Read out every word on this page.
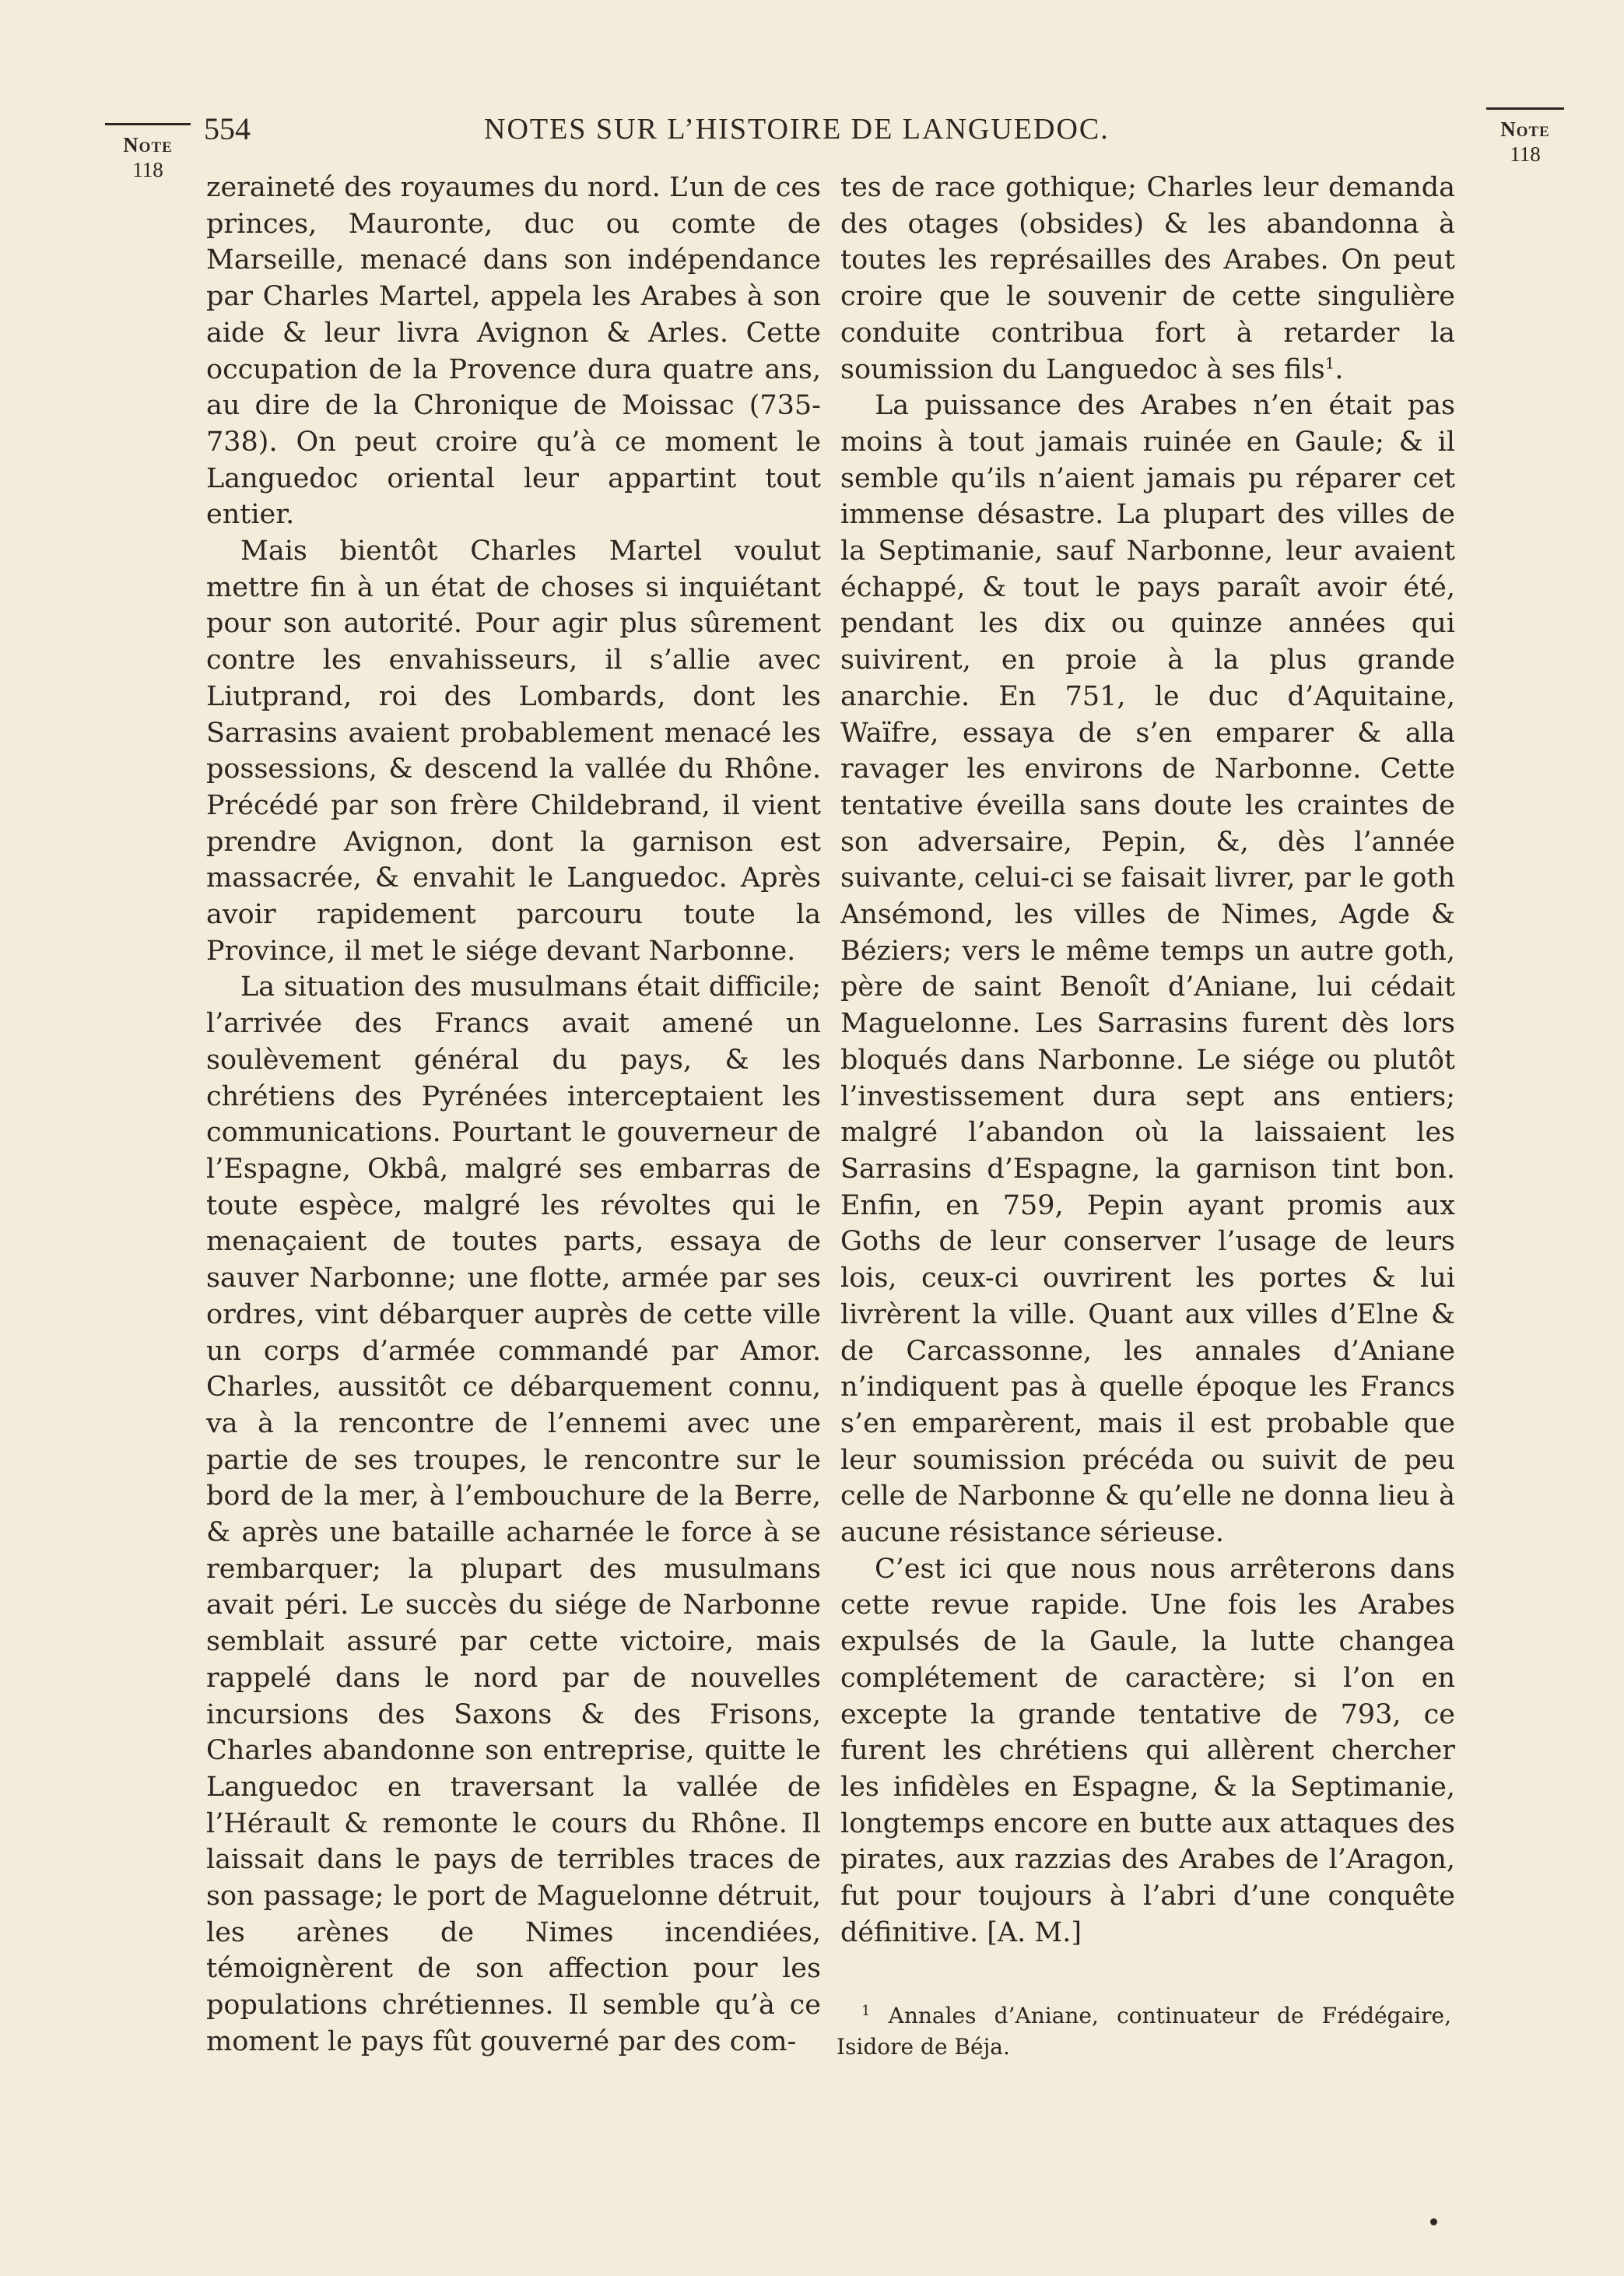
Note
118
Note
118
554	NOTES SUR L’HISTOIRE DE LANGUEDOC.

zeraineté des royaumes du nord. L’un de ces princes, Mauronte, duc ou comte de Marseille, menacé dans son indépendance par Charles Martel, appela les Arabes à son aide & leur livra Avignon & Arles. Cette occupation de la Provence dura quatre ans, au dire de la Chronique de Moissac (735-738). On peut croire qu’à ce moment le Languedoc oriental leur appartint tout entier.

Mais bientôt Charles Martel voulut mettre fin à un état de choses si inquiétant pour son autorité. Pour agir plus sûrement contre les envahisseurs, il s’allie avec Liutprand, roi des Lombards, dont les Sarrasins avaient probablement menacé les possessions, & descend la vallée du Rhône. Précédé par son frère Childebrand, il vient prendre Avignon, dont la garnison est massacrée, & envahit le Languedoc. Après avoir rapidement parcouru toute la Province, il met le siége devant Narbonne.

La situation des musulmans était difficile; l’arrivée des Francs avait amené un soulèvement général du pays, & les chrétiens des Pyrénées interceptaient les communications. Pourtant le gouverneur de l’Espagne, Okbâ, malgré ses embarras de toute espèce, malgré les révoltes qui le menaçaient de toutes parts, essaya de sauver Narbonne; une flotte, armée par ses ordres, vint débarquer auprès de cette ville un corps d’armée commandé par Amor. Charles, aussitôt ce débarquement connu, va à la rencontre de l’ennemi avec une partie de ses troupes, le rencontre sur le bord de la mer, à l’embouchure de la Berre, & après une bataille acharnée le force à se rembarquer; la plupart des musulmans avait péri. Le succès du siége de Narbonne semblait assuré par cette victoire, mais rappelé dans le nord par de nouvelles incursions des Saxons & des Frisons, Charles abandonne son entreprise, quitte le Languedoc en traversant la vallée de l’Hérault & remonte le cours du Rhône. Il laissait dans le pays de terribles traces de son passage; le port de Maguelonne détruit, les arènes de Nimes incendiées, témoignèrent de son affection pour les populations chrétiennes. Il semble qu’à ce moment le pays fût gouverné par des com-

tes de race gothique; Charles leur demanda des otages (obsides) & les abandonna à toutes les représailles des Arabes. On peut croire que le souvenir de cette singulière conduite contribua fort à retarder la soumission du Languedoc à ses fils$^1$.

La puissance des Arabes n’en était pas moins à tout jamais ruinée en Gaule; & il semble qu’ils n’aient jamais pu réparer cet immense désastre. La plupart des villes de la Septimanie, sauf Narbonne, leur avaient échappé, & tout le pays paraît avoir été, pendant les dix ou quinze années qui suivirent, en proie à la plus grande anarchie. En 751, le duc d’Aquitaine, Waïfre, essaya de s’en emparer & alla ravager les environs de Narbonne. Cette tentative éveilla sans doute les craintes de son adversaire, Pepin, &, dès l’année suivante, celui-ci se faisait livrer, par le goth Ansémond, les villes de Nimes, Agde & Béziers; vers le même temps un autre goth, père de saint Benoît d’Aniane, lui cédait Maguelonne. Les Sarrasins furent dès lors bloqués dans Narbonne. Le siége ou plutôt l’investissement dura sept ans entiers; malgré l’abandon où la laissaient les Sarrasins d’Espagne, la garnison tint bon. Enfin, en 759, Pepin ayant promis aux Goths de leur conserver l’usage de leurs lois, ceux-ci ouvrirent les portes & lui livrèrent la ville. Quant aux villes d’Elne & de Carcassonne, les annales d’Aniane n’indiquent pas à quelle époque les Francs s’en emparèrent, mais il est probable que leur soumission précéda ou suivit de peu celle de Narbonne & qu’elle ne donna lieu à aucune résistance sérieuse.

C’est ici que nous nous arrêterons dans cette revue rapide. Une fois les Arabes expulsés de la Gaule, la lutte changea complétement de caractère; si l’on en excepte la grande tentative de 793, ce furent les chrétiens qui allèrent chercher les infidèles en Espagne, & la Septimanie, longtemps encore en butte aux attaques des pirates, aux razzias des Arabes de l’Aragon, fut pour toujours à l’abri d’une conquête définitive. [A. M.]

$^1$ Annales d’Aniane, continuateur de Frédégaire, Isidore de Béja.
